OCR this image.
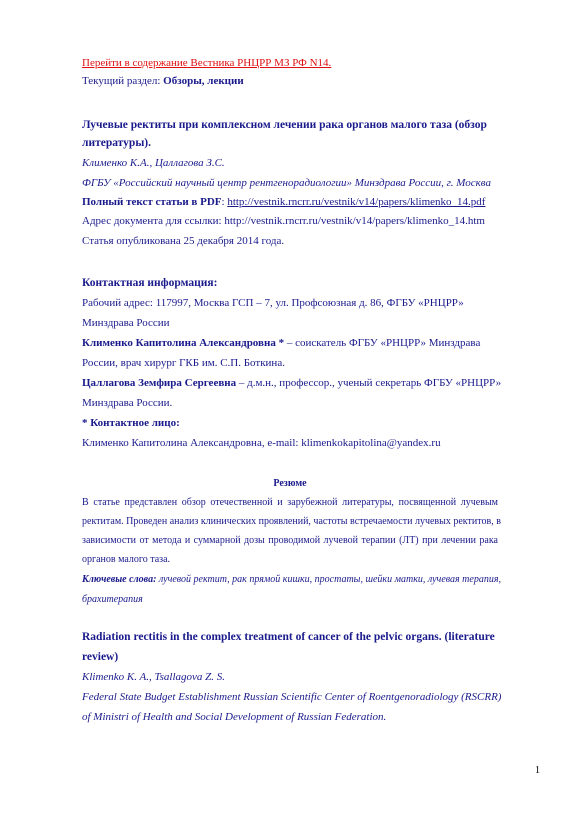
Перейти в содержание Вестника РНЦРР МЗ РФ N14.
Текущий раздел: Обзоры, лекции
Лучевые ректиты при комплексном лечении рака органов малого таза (обзор
литературы).
Клименко К.А., Цаллагова З.С.
ФГБУ «Российский научный центр рентгенорадиологии» Минздрава России, г. Москва
Полный текст статьи в PDF: http://vestnik.rncrr.ru/vestnik/v14/papers/klimenko_14.pdf
Адрес документа для ссылки: http://vestnik.rncrr.ru/vestnik/v14/papers/klimenko_14.htm
Статья опубликована 25 декабря 2014 года.
Контактная информация:
Рабочий адрес: 117997, Москва ГСП – 7, ул. Профсоюзная д. 86, ФГБУ «РНЦРР»
Минздрава России
Клименко Капитолина Александровна * – соискатель ФГБУ «РНЦРР» Минздрава
России, врач хирург ГКБ им. С.П. Боткина.
Цаллагова Земфира Сергеевна – д.м.н., профессор., ученый секретарь ФГБУ «РНЦРР»
Минздрава России.
* Контактное лицо:
Клименко Капитолина Александровна, e-mail: klimenkokapitolina@yandex.ru
Резюме
В статье представлен обзор отечественной и зарубежной литературы, посвященной лучевым
ректитам. Проведен анализ клинических проявлений, частоты встречаемости лучевых ректитов, в
зависимости от метода и суммарной дозы проводимой лучевой терапии (ЛТ) при лечении рака
органов малого таза.
Ключевые слова: лучевой ректит, рак прямой кишки, простаты, шейки матки, лучевая терапия,
брахитерапия
Radiation rectitis in the complex treatment of cancer of the pelvic organs. (literature
review)
Klimenko K. A., Tsallagova Z. S.
Federal State Budget Establishment Russian Scientific Center of Roentgenoradiology (RSCRR)
of Ministri of Health and Social Development of Russian Federation.
1
